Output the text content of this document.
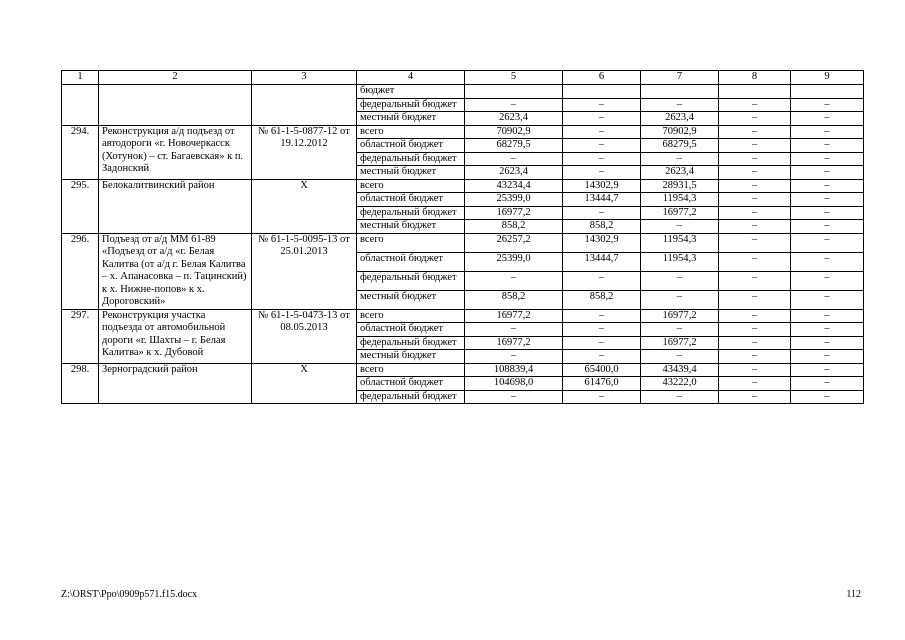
1	2	3	4	5	6	7	8	9
			бюджет					
			федеральный бюджет	–	–	–	–	–
			местный бюджет	2623,4	–	2623,4	–	–
294.	Реконструкция а/д подъезд от автодороги «г. Новочеркасск (Хотунок) – ст. Багаевская» к п. Задонский	№ 61-1-5-0877-12 от 19.12.2012	всего	70902,9	–	70902,9	–	–
			областной бюджет	68279,5	–	68279,5	–	–
			федеральный бюджет	–	–	–	–	–
			местный бюджет	2623,4	–	2623,4	–	–
295.	Белокалитвинский район	Х	всего	43234,4	14302,9	28931,5	–	–
			областной бюджет	25399,0	13444,7	11954,3	–	–
			федеральный бюджет	16977,2	–	16977,2	–	–
			местный бюджет	858,2	858,2	–	–	–
296.	Подъезд от а/д ММ 61-89 «Подъезд от а/д «г. Белая Калитва (от а/д г. Белая Калитва – х. Апанасовка – п. Тацинский) к х. Нижне-попов» к х. Дороговский»	№ 61-1-5-0095-13 от 25.01.2013	всего	26257,2	14302,9	11954,3	–	–
			областной бюджет	25399,0	13444,7	11954,3	–	–
			федеральный бюджет	–	–	–	–	–
			местный бюджет	858,2	858,2	–	–	–
297.	Реконструкция участка подъезда от автомобильной дороги «г. Шахты – г. Белая Калитва» к х. Дубовой	№ 61-1-5-0473-13 от 08.05.2013	всего	16977,2	–	16977,2	–	–
			областной бюджет	–	–	–	–	–
			федеральный бюджет	16977,2	–	16977,2	–	–
			местный бюджет	–	–	–	–	–
298.	Зерноградский район	Х	всего	108839,4	65400,0	43439,4	–	–
			областной бюджет	104698,0	61476,0	43222,0	–	–
			федеральный бюджет	–	–	–	–	–
Z:\ORST\Ppo\0909p571.f15.docx	112
